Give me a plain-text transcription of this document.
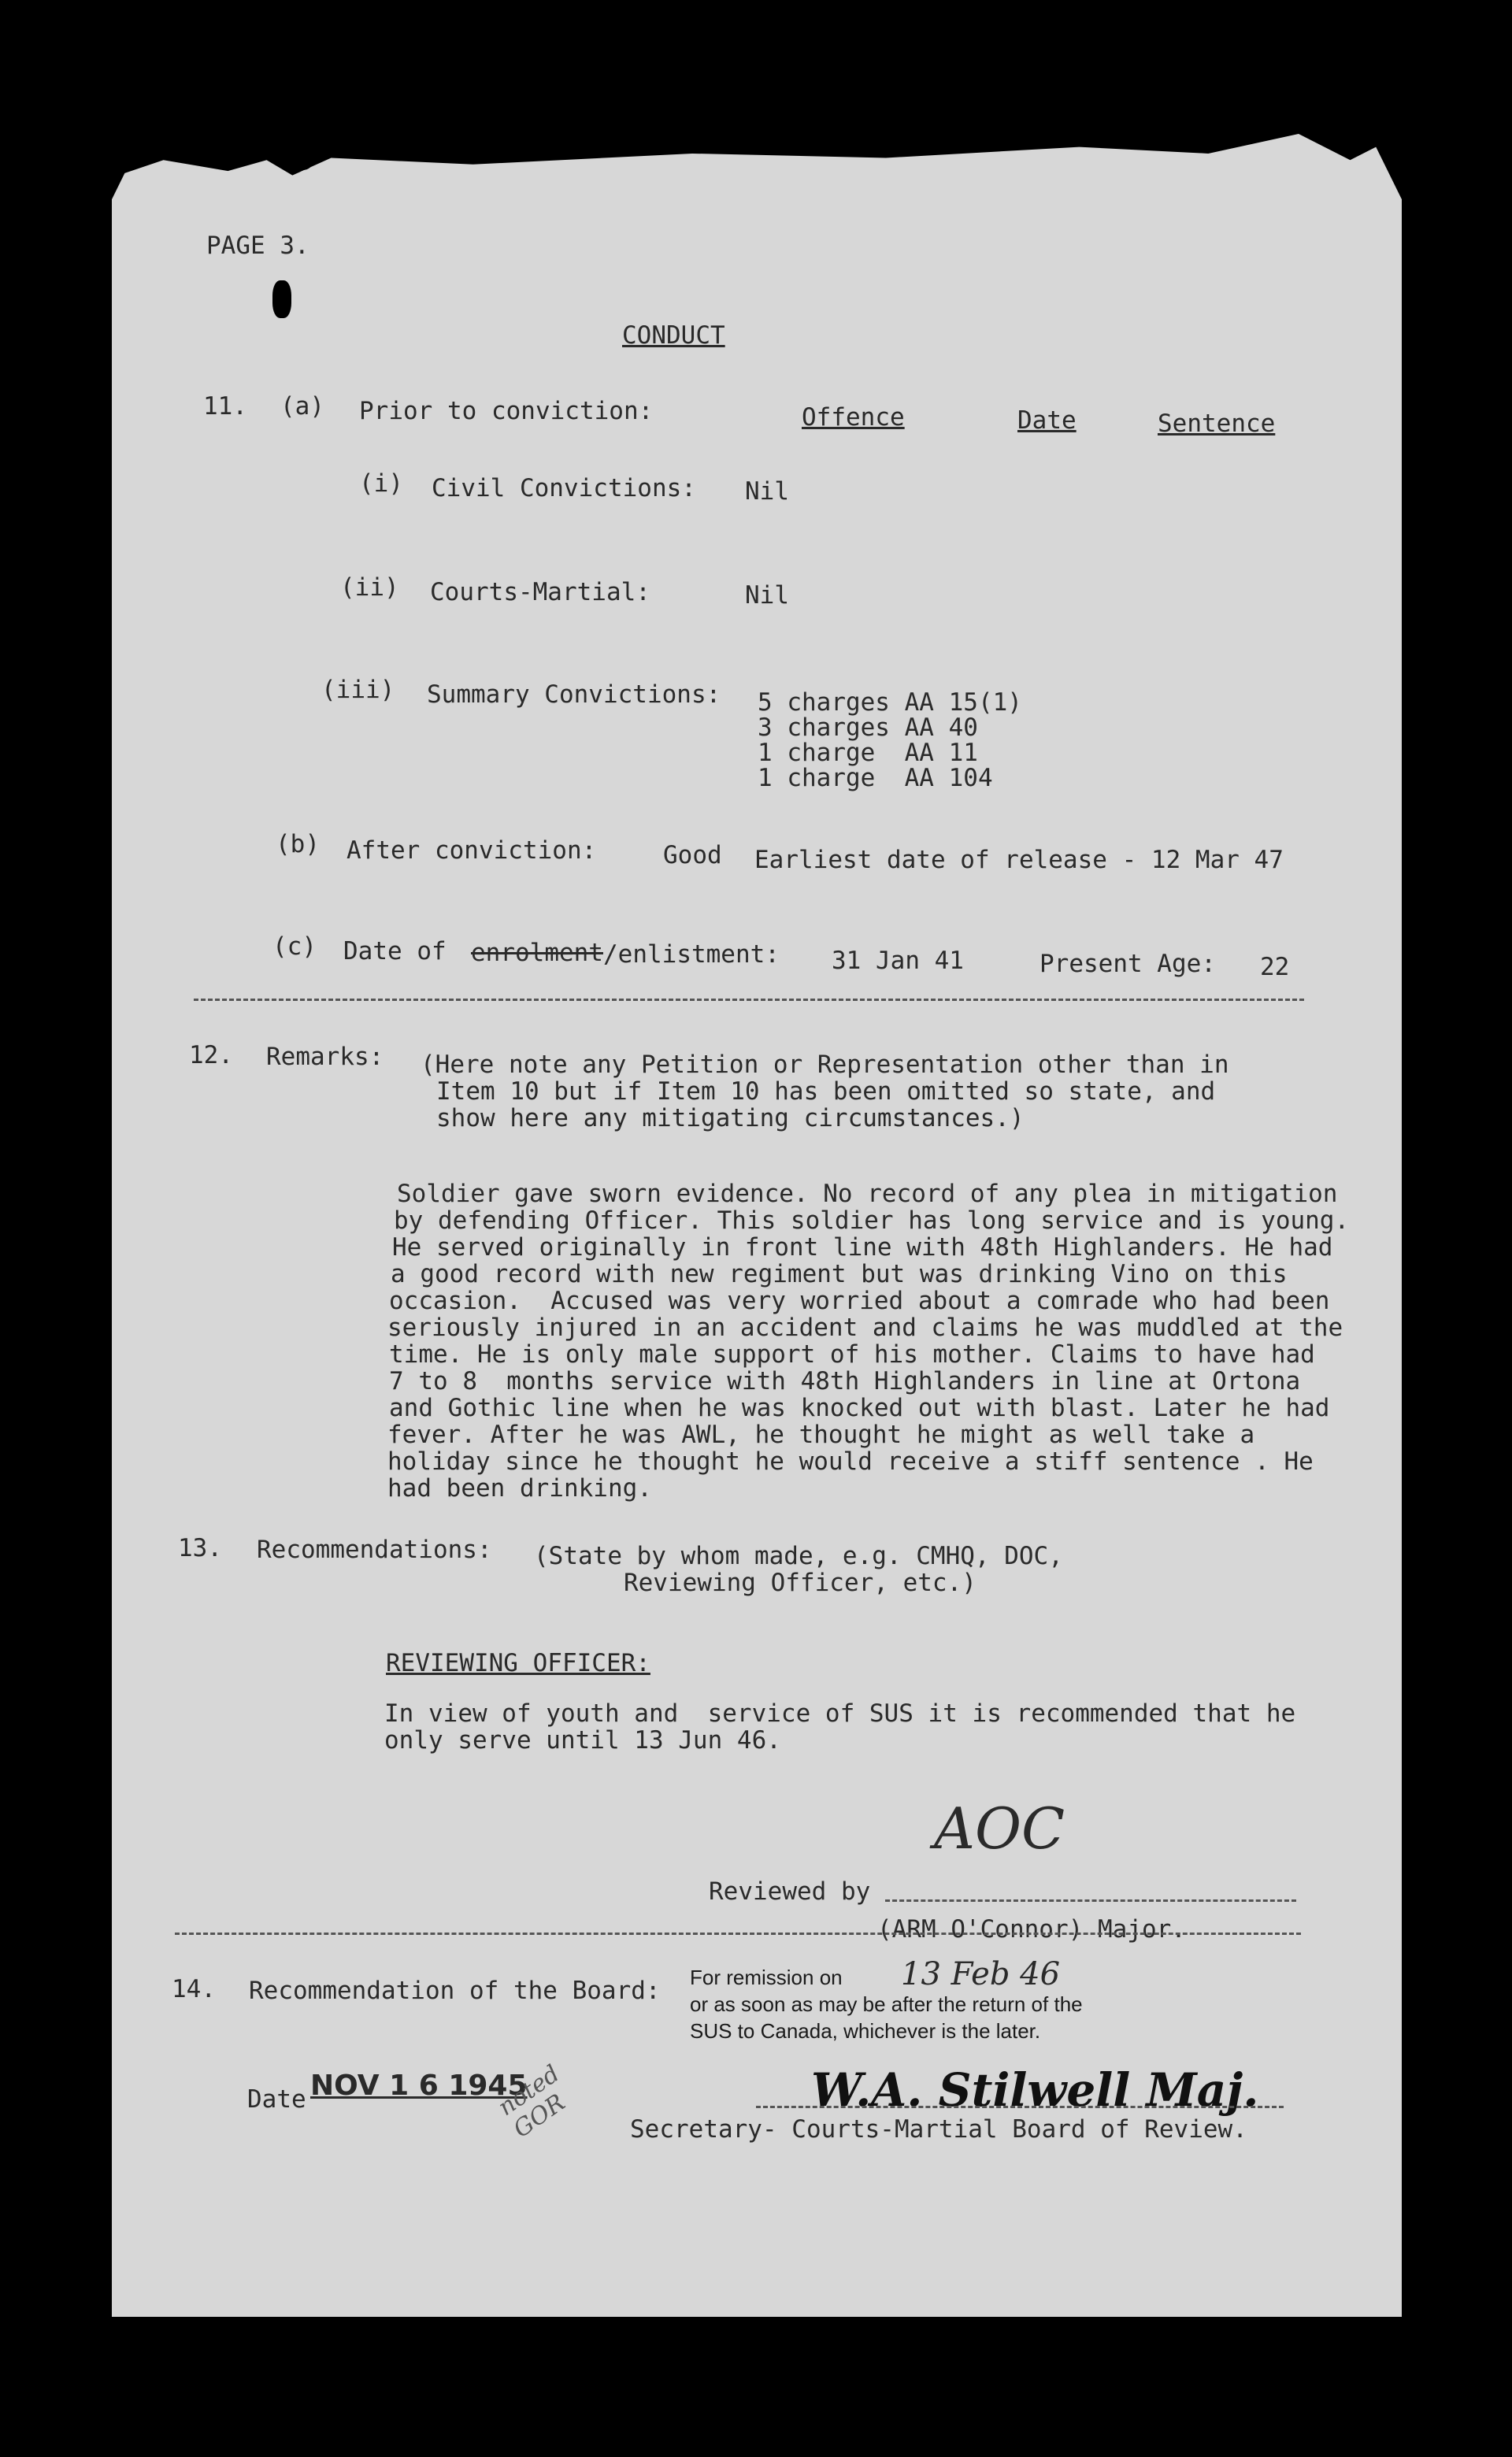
PAGE 3.
CONDUCT
11. (a) Prior to conviction:	Offence	Date	Sentence
(i) Civil Convictions: Nil
(ii) Courts-Martial:	Nil
(iii) Summary Convictions: 5 charges AA 15(1)
3 charges AA 40
1 charge  AA 11
1 charge  AA 104
(b) After conviction:	Good Earliest date of release - 12 Mar 47
(c) Date of enrolment /enlistment: 31 Jan 41	Present Age: 22
12. Remarks: (Here note any Petition or Representation other than in
Item 10 but if Item 10 has been omitted so state, and
show here any mitigating circumstances.)
Soldier gave sworn evidence. No record of any plea in mitigation
by defending Officer. This soldier has long service and is young.
He served originally in front line with 48th Highlanders. He had
a good record with new regiment but was drinking Vino on this
occasion.  Accused was very worried about a comrade who had been
seriously injured in an accident and claims he was muddled at the
time. He is only male support of his mother. Claims to have had
7 to 8  months service with 48th Highlanders in line at Ortona
and Gothic line when he was knocked out with blast. Later he had
fever. After he was AWL, he thought he might as well take a
holiday since he thought he would receive a stiff sentence . He
had been drinking.
13. Recommendations: (State by whom made, e.g. CMHQ, DOC,
Reviewing Officer, etc.)
REVIEWING OFFICER:
In view of youth and  service of SUS it is recommended that he
only serve until 13 Jun 46.
AOC
Reviewed by
(ARM O'Connor) Major.
14. Recommendation of the Board: For remission on 13 Feb 46
or as soon as may be after the return of the
SUS to Canada, whichever is the later.
Date NOV 1 6 1945
noted GOR	W.A. Stilwell Maj.
Secretary- Courts-Martial Board of Review.
